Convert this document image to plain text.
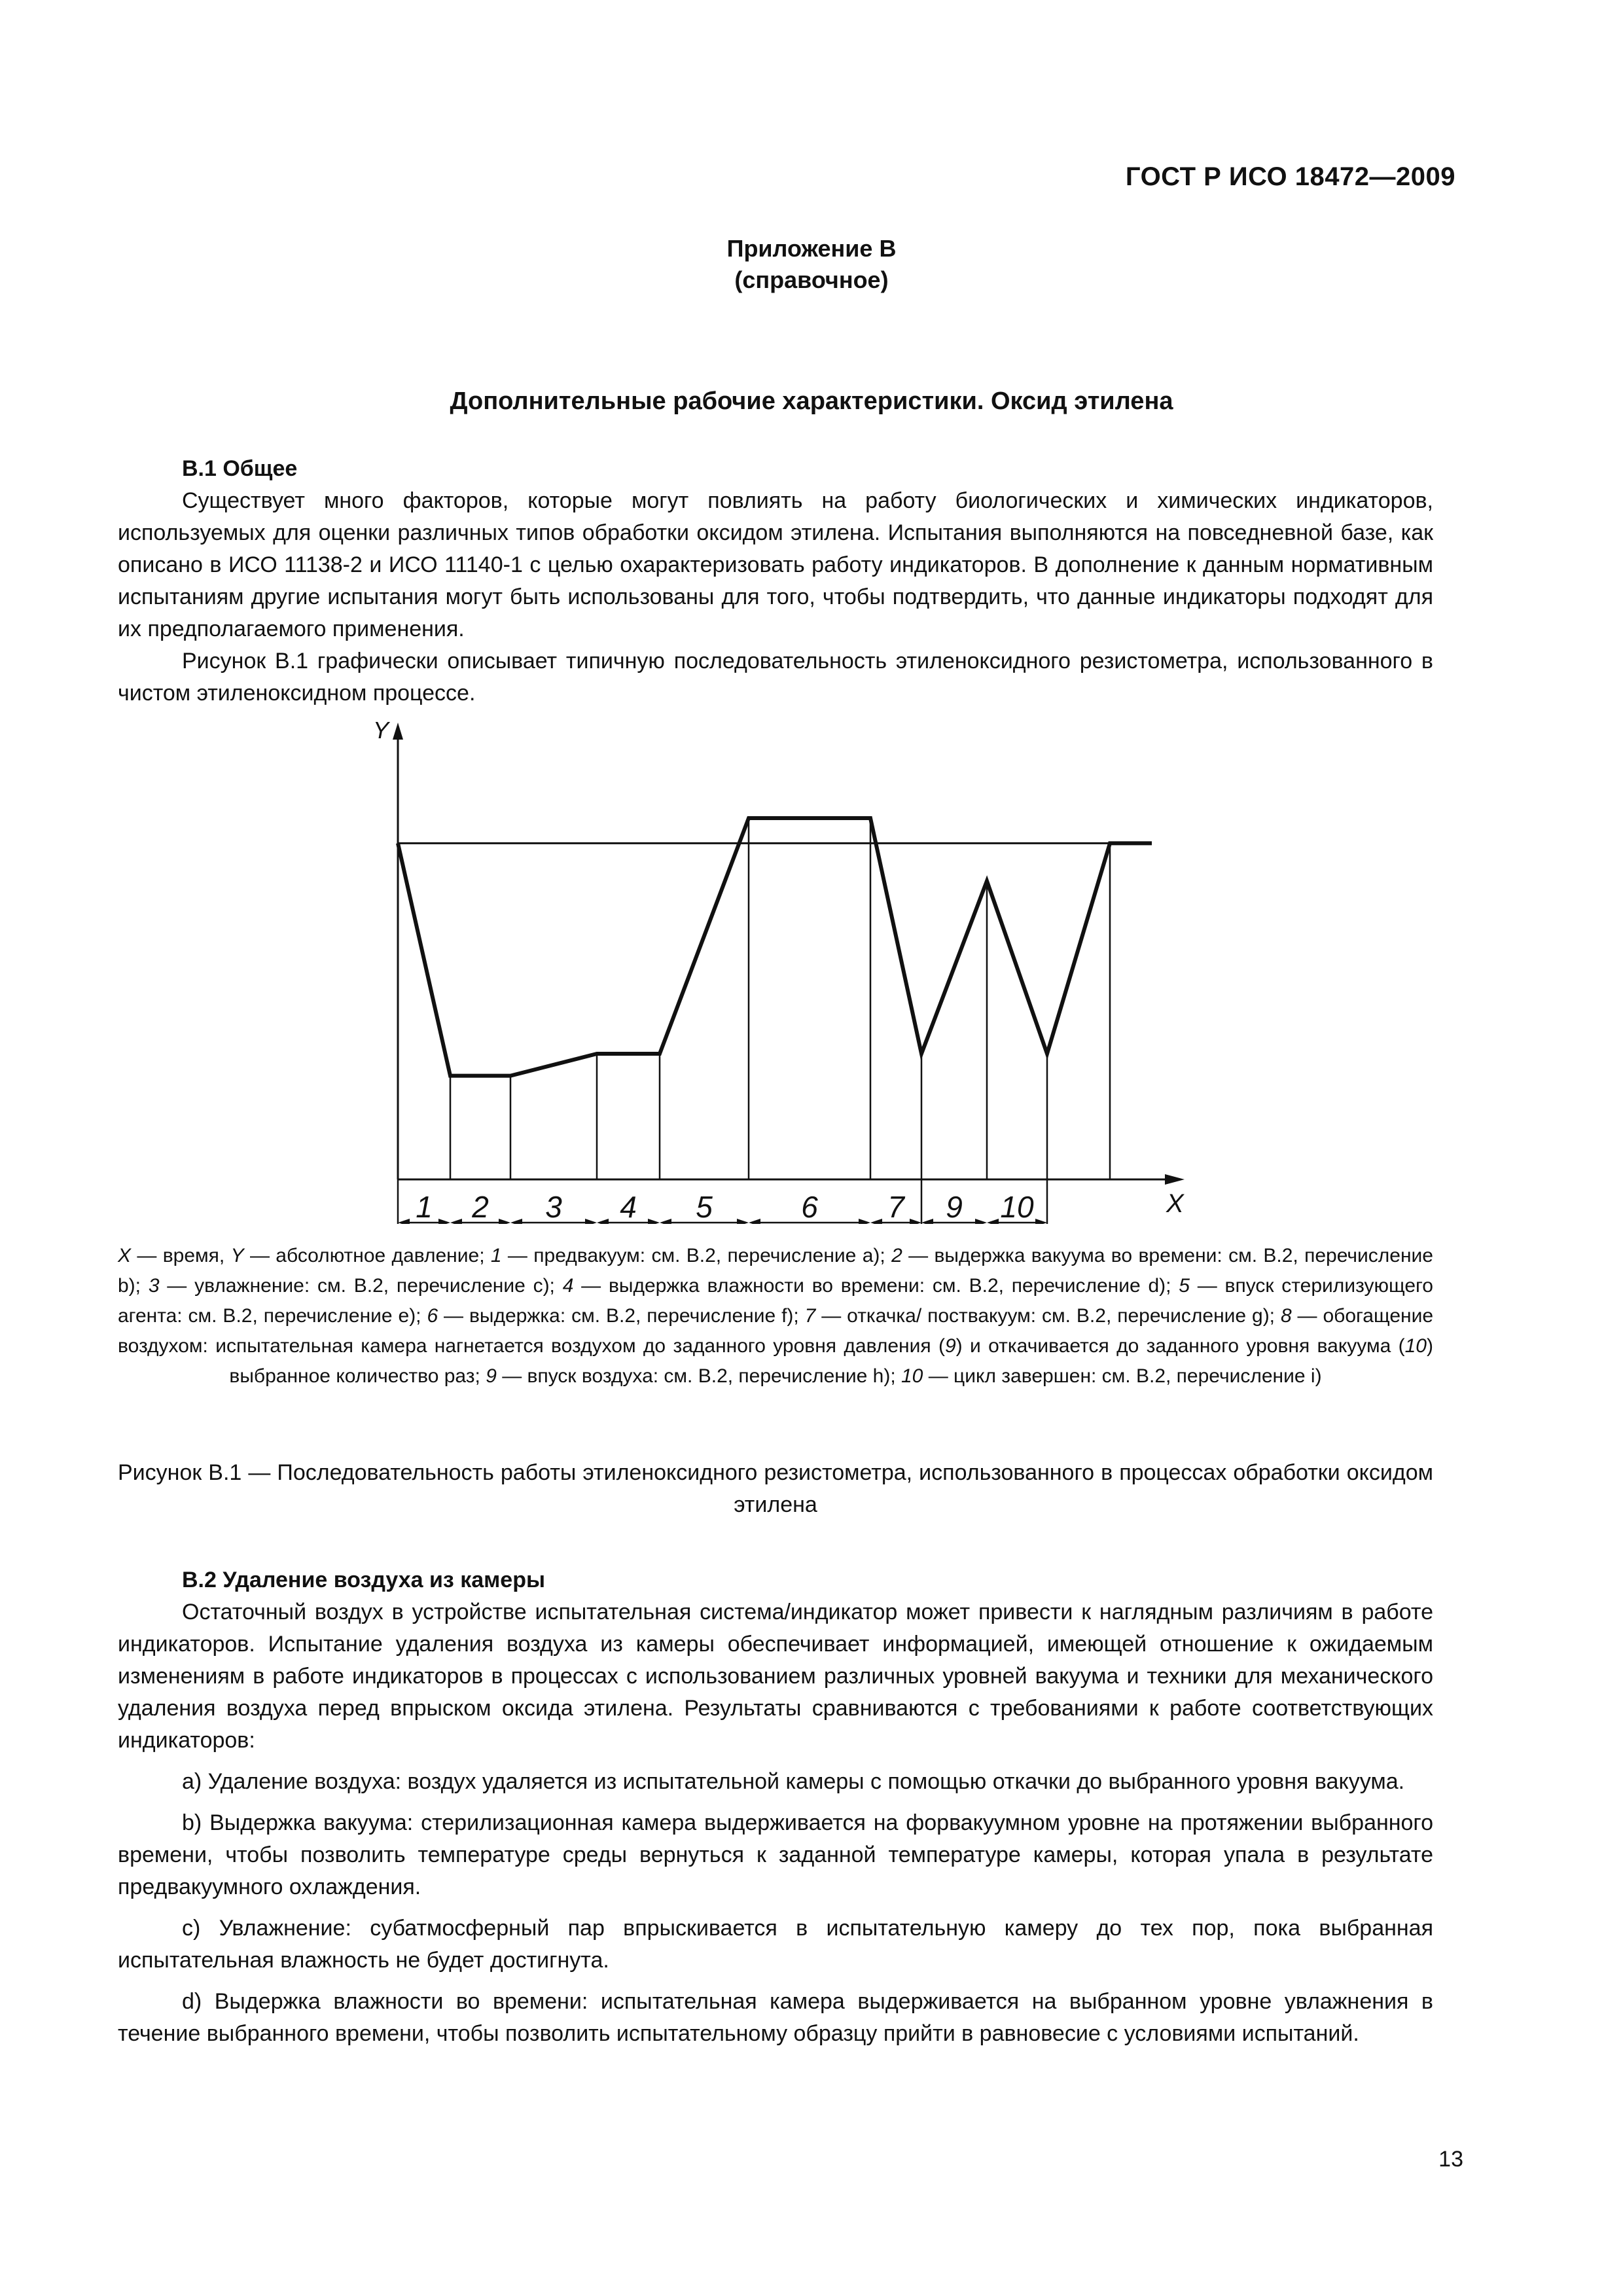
ГОСТ Р ИСО 18472—2009
Приложение В
(справочное)
Дополнительные рабочие характеристики. Оксид этилена
В.1 Общее

Существует много факторов, которые могут повлиять на работу биологических и химических индикаторов, используемых для оценки различных типов обработки оксидом этилена. Испытания выполняются на повседневной базе, как описано в ИСО 11138-2 и ИСО 11140-1 с целью охарактеризовать работу индикаторов. В дополнение к данным нормативным испытаниям другие испытания могут быть использованы для того, чтобы подтвердить, что данные индикаторы подходят для их предполагаемого применения.

Рисунок В.1 графически описывает типичную последовательность этиленоксидного резистометра, использованного в чистом этиленоксидном процессе.

Y
X
1 2 3 4 5	6 7 9 10
X — время, Y — абсолютное давление; 1 — предвакуум: см. В.2, перечисление а); 2 — выдержка вакуума во времени: см. В.2, перечисление b); 3 — увлажнение: см. В.2, перечисление с); 4 — выдержка влажности во времени: см. В.2, перечисление d); 5 — впуск стерилизующего агента: см. В.2, перечисление е); 6 — выдержка: см. В.2, перечисление f); 7 — откачка/ поствакуум: см. В.2, перечисление g); 8 — обогащение воздухом: испытательная камера нагнетается воздухом до заданного уровня давления (9) и откачивается до заданного уровня вакуума (10) выбранное количество раз; 9 — впуск воздуха: см. В.2, перечисление h); 10 — цикл завершен: см. В.2, перечисление i)
Рисунок В.1 — Последовательность работы этиленоксидного резистометра, использованного в процессах обработки оксидом этилена
В.2 Удаление воздуха из камеры

Остаточный воздух в устройстве испытательная система/индикатор может привести к наглядным различиям в работе индикаторов. Испытание удаления воздуха из камеры обеспечивает информацией, имеющей отношение к ожидаемым изменениям в работе индикаторов в процессах с использованием различных уровней вакуума и техники для механического удаления воздуха перед впрыском оксида этилена. Результаты сравниваются с требованиями к работе соответствующих индикаторов:

а) Удаление воздуха: воздух удаляется из испытательной камеры с помощью откачки до выбранного уровня вакуума.

b) Выдержка вакуума: стерилизационная камера выдерживается на форвакуумном уровне на протяжении выбранного времени, чтобы позволить температуре среды вернуться к заданной температуре камеры, которая упала в результате предвакуумного охлаждения.

c) Увлажнение: субатмосферный пар впрыскивается в испытательную камеру до тех пор, пока выбранная испытательная влажность не будет достигнута.

d) Выдержка влажности во времени: испытательная камера выдерживается на выбранном уровне увлажнения в течение выбранного времени, чтобы позволить испытательному образцу прийти в равновесие с условиями испытаний.

13
